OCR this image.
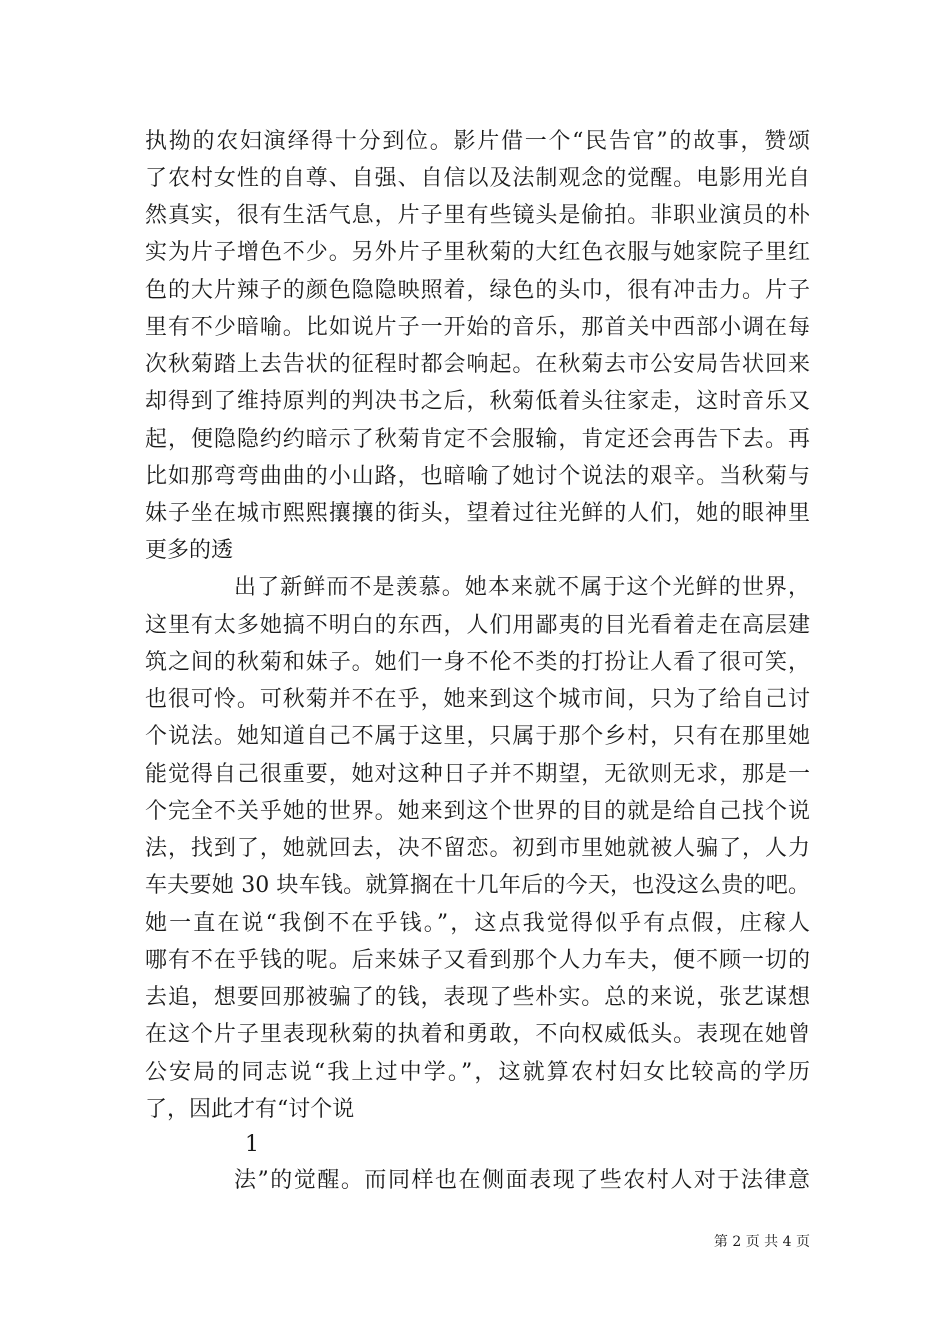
执拗的农妇演绎得十分到位。影片借一个“民告官”的故事，赞颂
了农村女性的自尊、自强、自信以及法制观念的觉醒。电影用光自
然真实，很有生活气息，片子里有些镜头是偷拍。非职业演员的朴
实为片子增色不少。另外片子里秋菊的大红色衣服与她家院子里红
色的大片辣子的颜色隐隐映照着，绿色的头巾，很有冲击力。片子
里有不少暗喻。比如说片子一开始的音乐，那首关中西部小调在每
次秋菊踏上去告状的征程时都会响起。在秋菊去市公安局告状回来
却得到了维持原判的判决书之后，秋菊低着头往家走，这时音乐又
起，便隐隐约约暗示了秋菊肯定不会服输，肯定还会再告下去。再
比如那弯弯曲曲的小山路，也暗喻了她讨个说法的艰辛。当秋菊与
妹子坐在城市熙熙攘攘的街头，望着过往光鲜的人们，她的眼神里
更多的透
出了新鲜而不是羡慕。她本来就不属于这个光鲜的世界，
这里有太多她搞不明白的东西，人们用鄙夷的目光看着走在高层建
筑之间的秋菊和妹子。她们一身不伦不类的打扮让人看了很可笑，
也很可怜。可秋菊并不在乎，她来到这个城市间，只为了给自己讨
个说法。她知道自己不属于这里，只属于那个乡村，只有在那里她
能觉得自己很重要，她对这种日子并不期望，无欲则无求，那是一
个完全不关乎她的世界。她来到这个世界的目的就是给自己找个说
法，找到了，她就回去，决不留恋。初到市里她就被人骗了，人力
车夫要她 30 块车钱。就算搁在十几年后的今天，也没这么贵的吧。
她一直在说“我倒不在乎钱。”，这点我觉得似乎有点假，庄稼人
哪有不在乎钱的呢。后来妹子又看到那个人力车夫，便不顾一切的
去追，想要回那被骗了的钱，表现了些朴实。总的来说，张艺谋想
在这个片子里表现秋菊的执着和勇敢，不向权威低头。表现在她曾
公安局的同志说“我上过中学。”，这就算农村妇女比较高的学历
了，因此才有“讨个说
1
法”的觉醒。而同样也在侧面表现了些农村人对于法律意
第 2 页 共 4 页
